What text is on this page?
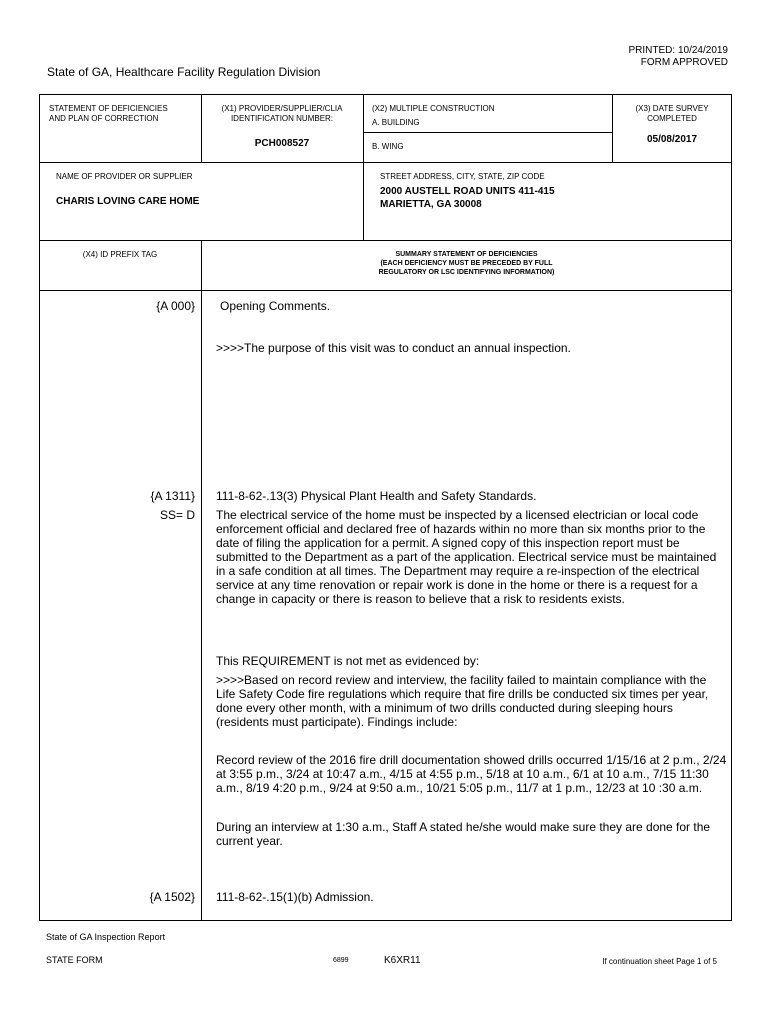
PRINTED: 10/24/2019
FORM APPROVED
State of GA, Healthcare Facility Regulation Division
STATEMENT OF DEFICIENCIES
AND PLAN OF CORRECTION
(X1) PROVIDER/SUPPLIER/CLIA
IDENTIFICATION NUMBER:
PCH008527
(X2) MULTIPLE CONSTRUCTION
A. BUILDING
B. WING
(X3) DATE SURVEY
COMPLETED
05/08/2017
NAME OF PROVIDER OR SUPPLIER
CHARIS LOVING CARE HOME
STREET ADDRESS, CITY, STATE, ZIP CODE
2000 AUSTELL ROAD UNITS 411-415
MARIETTA, GA 30008
(X4) ID PREFIX TAG	SUMMARY STATEMENT OF DEFICIENCIES
(EACH DEFICIENCY MUST BE PRECEDED BY FULL
REGULATORY OR LSC IDENTIFYING INFORMATION)
{A 000} Opening Comments.
>>>>The purpose of this visit was to conduct an annual inspection.
{A 1311}
SS= D
111-8-62-.13(3) Physical Plant Health and Safety Standards.
The electrical service of the home must be inspected by a licensed electrician or local code enforcement official and declared free of hazards within no more than six months prior to the date of filing the application for a permit. A signed copy of this inspection report must be submitted to the Department as a part of the application. Electrical service must be maintained in a safe condition at all times. The Department may require a re-inspection of the electrical service at any time renovation or repair work is done in the home or there is a request for a change in capacity or there is reason to believe that a risk to residents exists.
This REQUIREMENT is not met as evidenced by:
>>>>Based on record review and interview, the facility failed to maintain compliance with the Life Safety Code fire regulations which require that fire drills be conducted six times per year, done every other month, with a minimum of two drills conducted during sleeping hours (residents must participate). Findings include:
Record review of the 2016 fire drill documentation showed drills occurred 1/15/16 at 2 p.m., 2/24 at 3:55 p.m., 3/24 at 10:47 a.m., 4/15 at 4:55 p.m., 5/18 at 10 a.m., 6/1 at 10 a.m., 7/15 11:30 a.m., 8/19 4:20 p.m., 9/24 at 9:50 a.m., 10/21 5:05 p.m., 11/7 at 1 p.m., 12/23 at 10 :30 a.m.
During an interview at 1:30 a.m., Staff A stated he/she would make sure they are done for the current year.
{A 1502} 111-8-62-.15(1)(b) Admission.
State of GA Inspection Report
STATE FORM	6899	K6XR11	If continuation sheet Page 1 of 5
